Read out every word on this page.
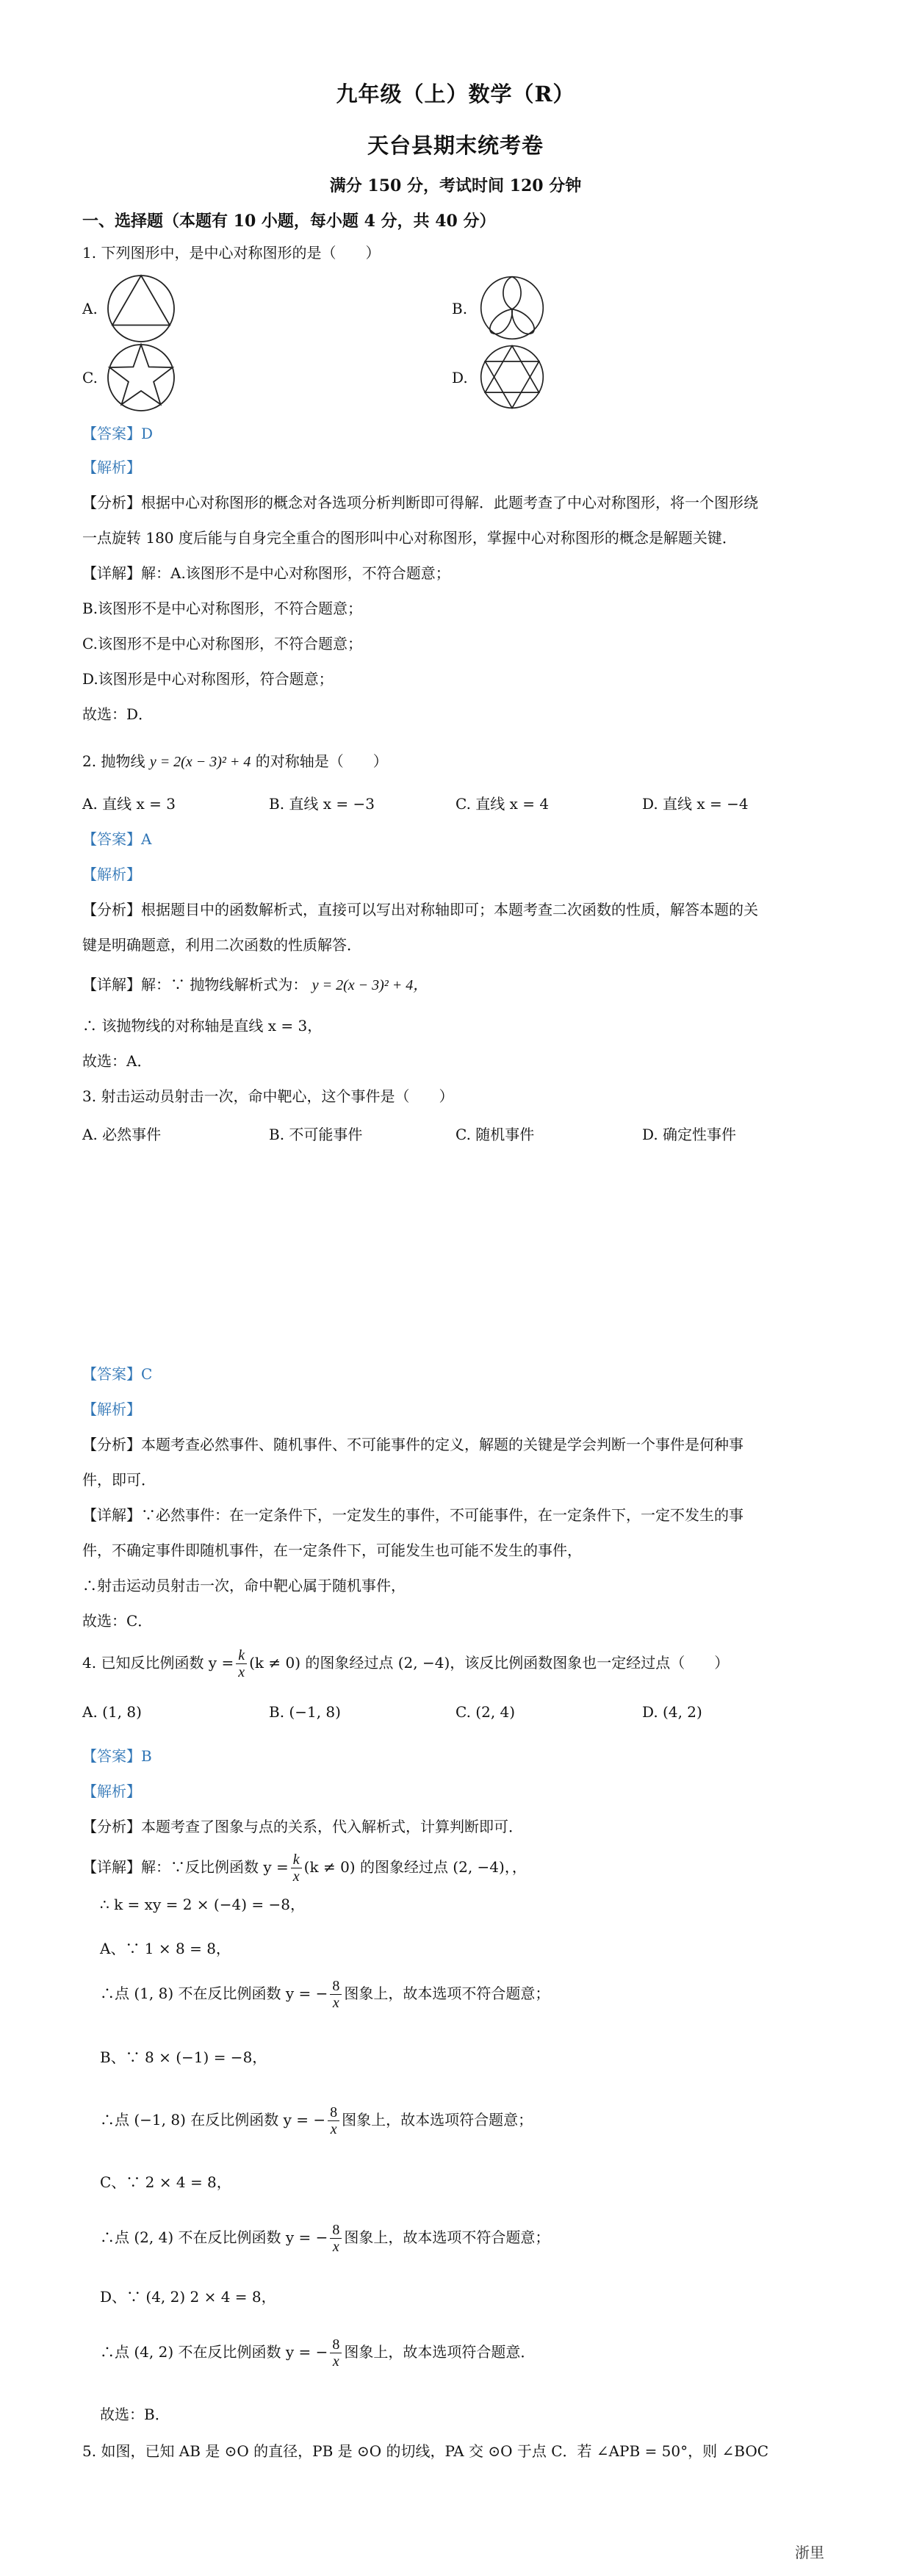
九年级（上）数学（R）
天台县期末统考卷
满分 150 分，考试时间 120 分钟
一、选择题（本题有 10 小题，每小题 4 分，共 40 分）
1. 下列图形中，是中心对称图形的是（　　）
A.	B.
C.	D.
【答案】D
【解析】
【分析】根据中心对称图形的概念对各选项分析判断即可得解．此题考查了中心对称图形，将一个图形绕
一点旋转 180 度后能与自身完全重合的图形叫中心对称图形，掌握中心对称图形的概念是解题关键．
【详解】解：A.该图形不是中心对称图形，不符合题意；
B.该图形不是中心对称图形，不符合题意；
C.该图形不是中心对称图形，不符合题意；
D.该图形是中心对称图形，符合题意；
故选：D．
2. 抛物线 y = 2(x − 3)² + 4 的对称轴是（　　）
A. 直线 x = 3	B. 直线 x = −3	C. 直线 x = 4	D. 直线 x = −4
【答案】A
【解析】
【分析】根据题目中的函数解析式，直接可以写出对称轴即可；本题考查二次函数的性质，解答本题的关
键是明确题意，利用二次函数的性质解答．
【详解】解：∵ 抛物线解析式为： y = 2(x − 3)² + 4，
∴ 该抛物线的对称轴是直线 x = 3，
故选：A．
3. 射击运动员射击一次，命中靶心，这个事件是（　　）
A. 必然事件	B. 不可能事件	C. 随机事件	D. 确定性事件
【答案】C
【解析】
【分析】本题考查必然事件、随机事件、不可能事件的定义，解题的关键是学会判断一个事件是何种事
件，即可．
【详解】∵必然事件：在一定条件下，一定发生的事件，不可能事件，在一定条件下，一定不发生的事
件，不确定事件即随机事件，在一定条件下，可能发生也可能不发生的事件，
∴射击运动员射击一次，命中靶心属于随机事件，
故选：C．
4. 已知反比例函数 $y = \frac{k}{x} (k \ne 0)$ 的图象经过点 (2, −4)，该反比例函数图象也一定经过点（　　）
A. (1, 8)	B. (−1, 8)	C. (2, 4)	D. (4, 2)
【答案】B
【解析】
【分析】本题考查了图象与点的关系，代入解析式，计算判断即可．
【详解】解：∵反比例函数 $y = \frac{k}{x} (k \ne 0)$ 的图象经过点 (2, −4)，，
∴ k = xy = 2 × (−4) = −8，
A、∵ 1 × 8 = 8，
∴点 (1, 8) 不在反比例函数 y = − $\frac{8}{x}$ 图象上，故本选项不符合题意；
B、∵ 8 × (−1) = −8，
∴点 (−1, 8) 在反比例函数 y = − $\frac{8}{x}$ 图象上，故本选项符合题意；
C、∵ 2 × 4 = 8，
∴点 (2, 4) 不在反比例函数 y = − $\frac{8}{x}$ 图象上，故本选项不符合题意；
D、∵ (4, 2) 2 × 4 = 8，
∴点 (4, 2) 不在反比例函数 y = − $\frac{8}{x}$ 图象上，故本选项符合题意．
故选：B．
5. 如图，已知 AB 是 ⊙O 的直径，PB 是 ⊙O 的切线，PA 交 ⊙O 于点 C．若 ∠APB = 50°，则 ∠BOC
浙里
